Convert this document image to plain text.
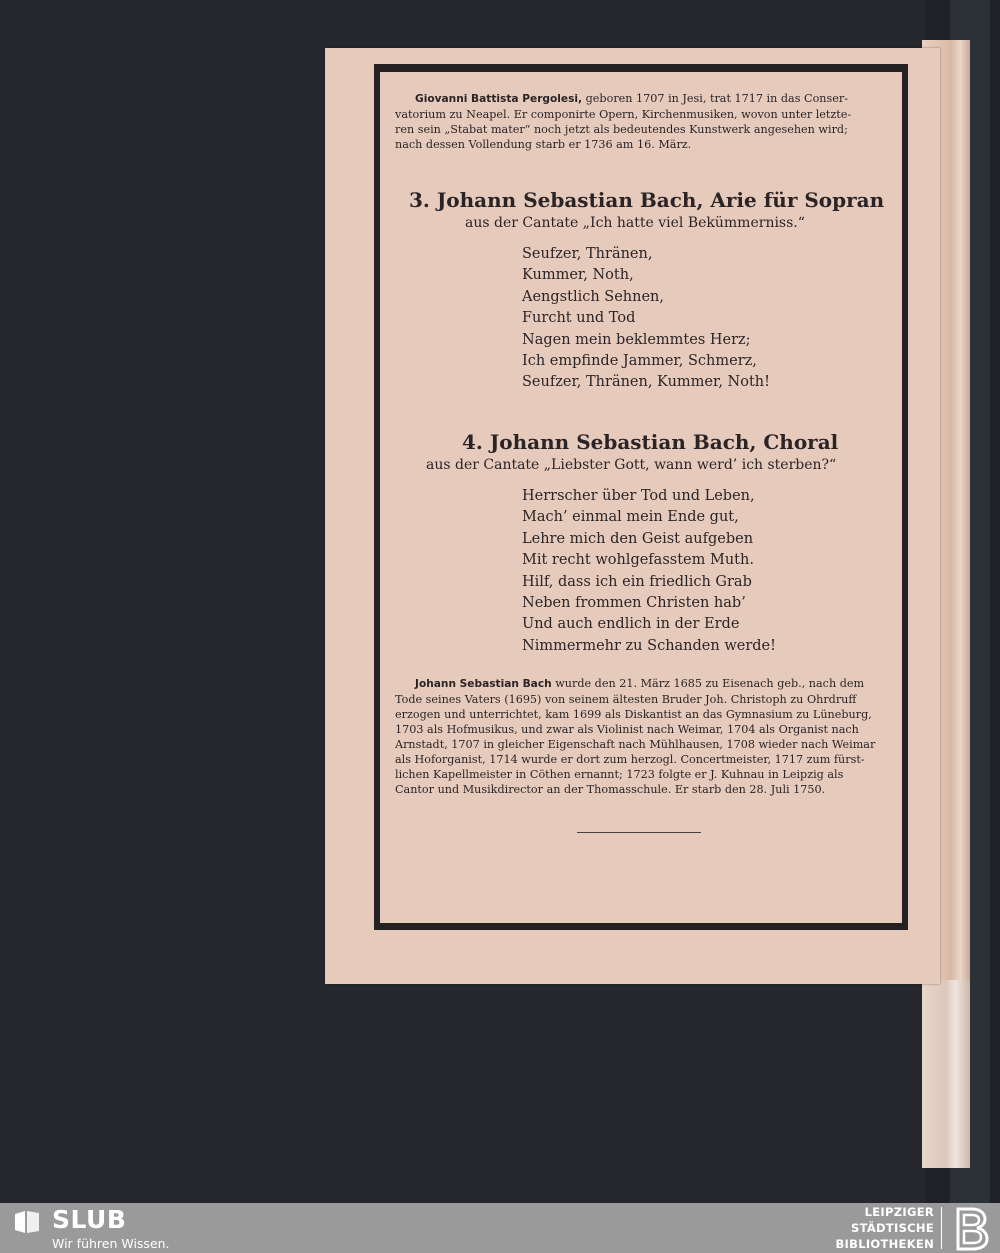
Giovanni Battista Pergolesi, geboren 1707 in Jesi, trat 1717 in das Conser-
vatorium zu Neapel. Er componirte Opern, Kirchenmusiken, wovon unter letzte-
ren sein „Stabat mater“ noch jetzt als bedeutendes Kunstwerk angesehen wird;
nach dessen Vollendung starb er 1736 am 16. März.
3. Johann Sebastian Bach, Arie für Sopran
aus der Cantate „Ich hatte viel Bekümmerniss.“
Seufzer, Thränen,
Kummer, Noth,
Aengstlich Sehnen,
Furcht und Tod
Nagen mein beklemmtes Herz;
Ich empfinde Jammer, Schmerz,
Seufzer, Thränen, Kummer, Noth!
4. Johann Sebastian Bach, Choral
aus der Cantate „Liebster Gott, wann werd’ ich sterben?“
Herrscher über Tod und Leben,
Mach’ einmal mein Ende gut,
Lehre mich den Geist aufgeben
Mit recht wohlgefasstem Muth.
Hilf, dass ich ein friedlich Grab
Neben frommen Christen hab’
Und auch endlich in der Erde
Nimmermehr zu Schanden werde!
Johann Sebastian Bach wurde den 21. März 1685 zu Eisenach geb., nach dem
Tode seines Vaters (1695) von seinem ältesten Bruder Joh. Christoph zu Ohrdruff
erzogen und unterrichtet, kam 1699 als Diskantist an das Gymnasium zu Lüneburg,
1703 als Hofmusikus, und zwar als Violinist nach Weimar, 1704 als Organist nach
Arnstadt, 1707 in gleicher Eigenschaft nach Mühlhausen, 1708 wieder nach Weimar
als Hoforganist, 1714 wurde er dort zum herzogl. Concertmeister, 1717 zum fürst-
lichen Kapellmeister in Cöthen ernannt; 1723 folgte er J. Kuhnau in Leipzig als
Cantor und Musikdirector an der Thomasschule. Er starb den 28. Juli 1750.
SLUB
Wir führen Wissen.
LEIPZIGER
STÄDTISCHE
BIBLIOTHEKEN
